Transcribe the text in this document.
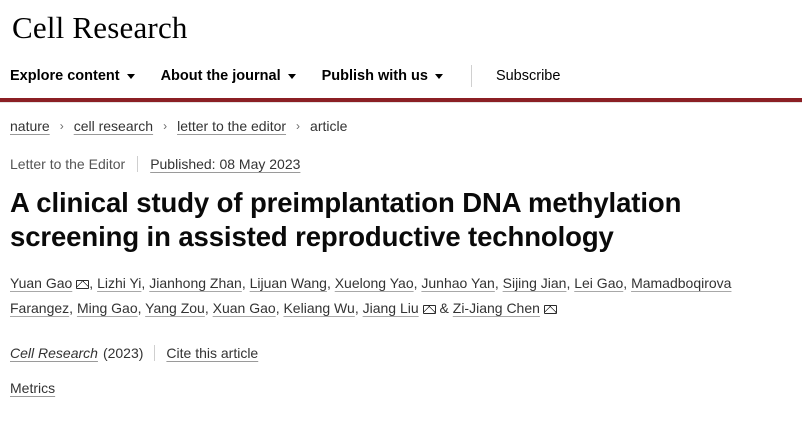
Cell Research
Explore content	About the journal	Publish with us	Subscribe
nature › cell research › letter to the editor › article
Letter to the Editor Published: 08 May 2023
A clinical study of preimplantation DNA methylation screening in assisted reproductive technology
Yuan Gao , Lizhi Yi, Jianhong Zhan, Lijuan Wang, Xuelong Yao, Junhao Yan, Sijing Jian, Lei Gao, Mamadboqirova Farangez, Ming Gao, Yang Zou, Xuan Gao, Keliang Wu, Jiang Liu & Zi-Jiang Chen
Cell Research (2023) Cite this article
Metrics
